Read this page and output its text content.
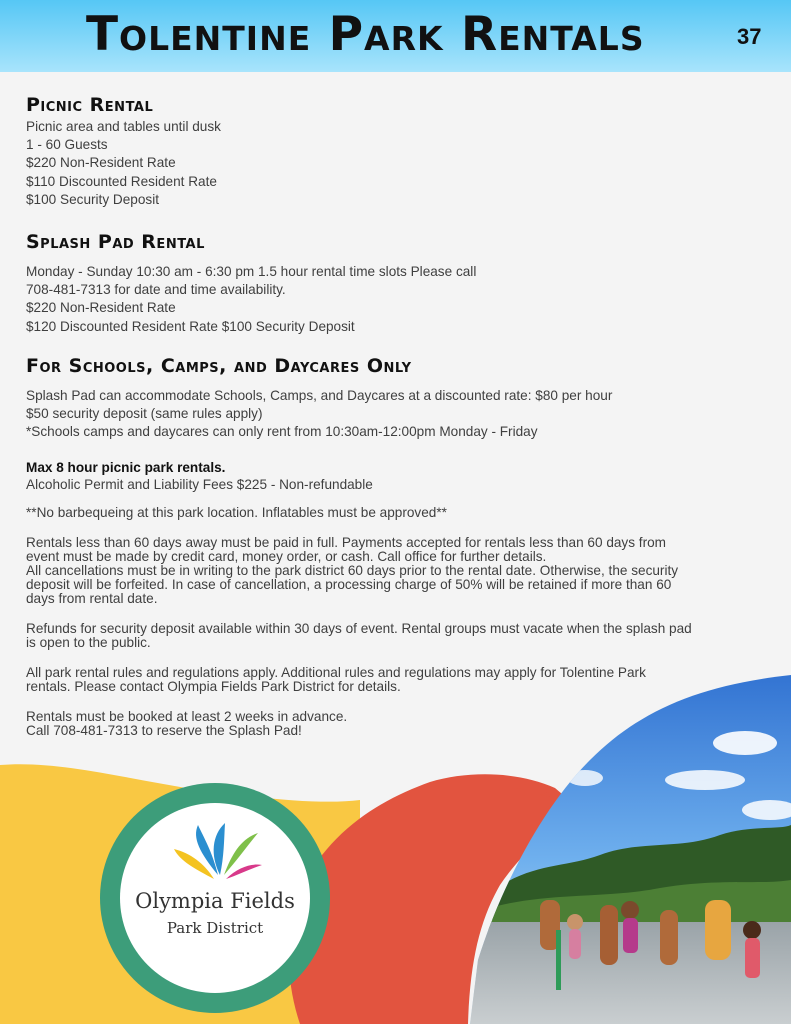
Tolentine Park Rentals	37
Picnic Rental
Picnic area and tables until dusk
1 - 60 Guests
$220 Non-Resident Rate
$110 Discounted Resident Rate
$100 Security Deposit
Splash Pad Rental
Monday - Sunday 10:30 am - 6:30 pm 1.5 hour rental time slots Please call
708-481-7313 for date and time availability.
$220 Non-Resident Rate
$120 Discounted Resident Rate $100 Security Deposit
For Schools, Camps, and Daycares Only
Splash Pad can accommodate Schools, Camps, and Daycares at a discounted rate: $80 per hour
$50 security deposit (same rules apply)
*Schools camps and daycares can only rent from 10:30am-12:00pm Monday - Friday
Max 8 hour picnic park rentals.
Alcoholic Permit and Liability Fees $225 - Non-refundable
**No barbequeing at this park location. Inflatables must be approved**
Rentals less than 60 days away must be paid in full. Payments accepted for rentals less than 60 days from
event must be made by credit card, money order, or cash. Call office for further details.
All cancellations must be in writing to the park district 60 days prior to the rental date. Otherwise, the security
deposit will be forfeited. In case of cancellation, a processing charge of 50% will be retained if more than 60
days from rental date.
Refunds for security deposit available within 30 days of event. Rental groups must vacate when the splash pad
is open to the public.
All park rental rules and regulations apply. Additional rules and regulations may apply for Tolentine Park
rentals. Please contact Olympia Fields Park District for details.
Rentals must be booked at least 2 weeks in advance.
Call 708-481-7313 to reserve the Splash Pad!
Olympia Fields
Park District
